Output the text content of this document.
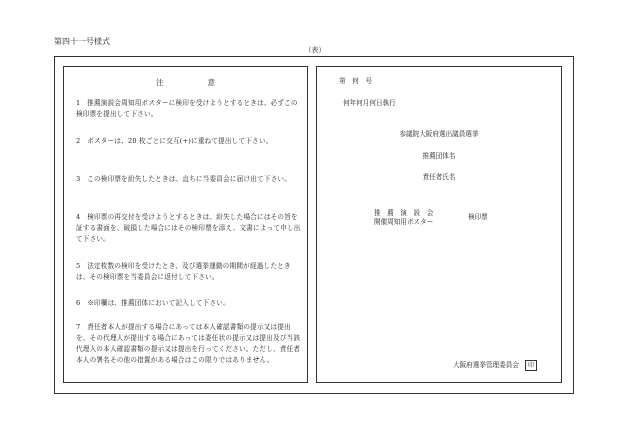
第四十一号様式
（表）
注意
1　推薦演説会周知用ポスターに検印を受けようとするときは、必ずこの検印票を提出して下さい。
2　ポスターは、20 枚ごとに交互(+)に重ねて提出して下さい。
3　この検印票を紛失したときは、直ちに当委員会に届け出て下さい。
4　検印票の再交付を受けようとするときは、紛失した場合にはその旨を証する書面を、破損した場合にはその検印票を添え、文書によって申し出て下さい。
5　法定枚数の検印を受けたとき、及び選挙運動の期間が経過したときは、その検印票を当委員会に返付して下さい。
6　※印欄は、推薦団体において記入して下さい。
7　責任者本人が提出する場合にあっては本人確認書類の提示又は提出を、その代理人が提出する場合にあっては委任状の提示又は提出及び当該代理人の本人確認書類の提示又は提出を行ってください。ただし、責任者本人の署名その他の措置がある場合はこの限りではありません。
第　何　号
何年何月何日執行
参議院大阪府選出議員選挙
推薦団体名
責任者氏名
推　薦　演　説　会
開催周知用ポスター
検印票
大阪府選挙管理委員会 印
